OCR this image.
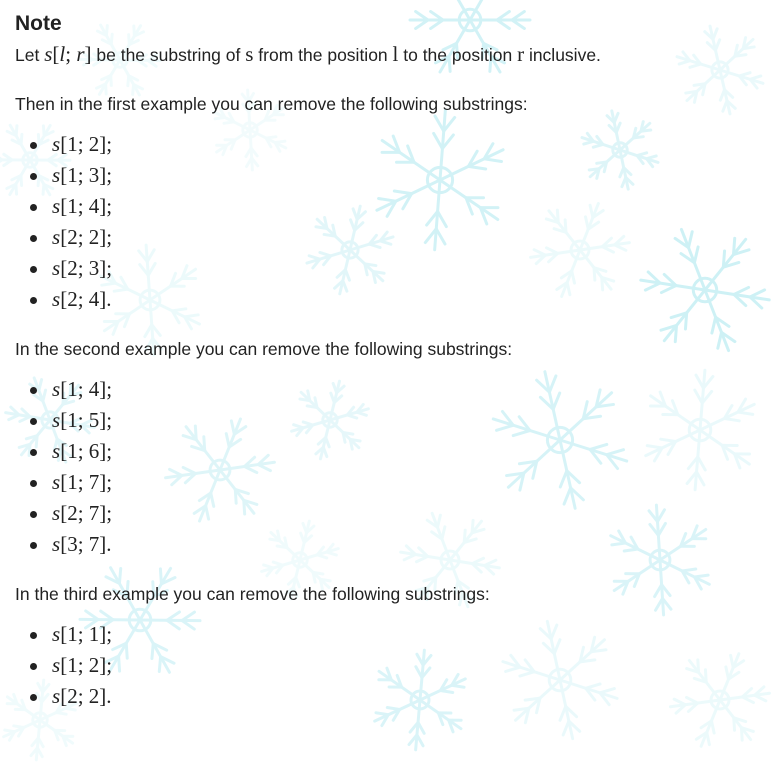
Note

Let s[l; r] be the substring of s from the position l to the position r inclusive.

Then in the first example you can remove the following substrings:

s[1; 2];
s[1; 3];
s[1; 4];
s[2; 2];
s[2; 3];
s[2; 4].

In the second example you can remove the following substrings:

s[1; 4];
s[1; 5];
s[1; 6];
s[1; 7];
s[2; 7];
s[3; 7].

In the third example you can remove the following substrings:

s[1; 1];
s[1; 2];
s[2; 2].
